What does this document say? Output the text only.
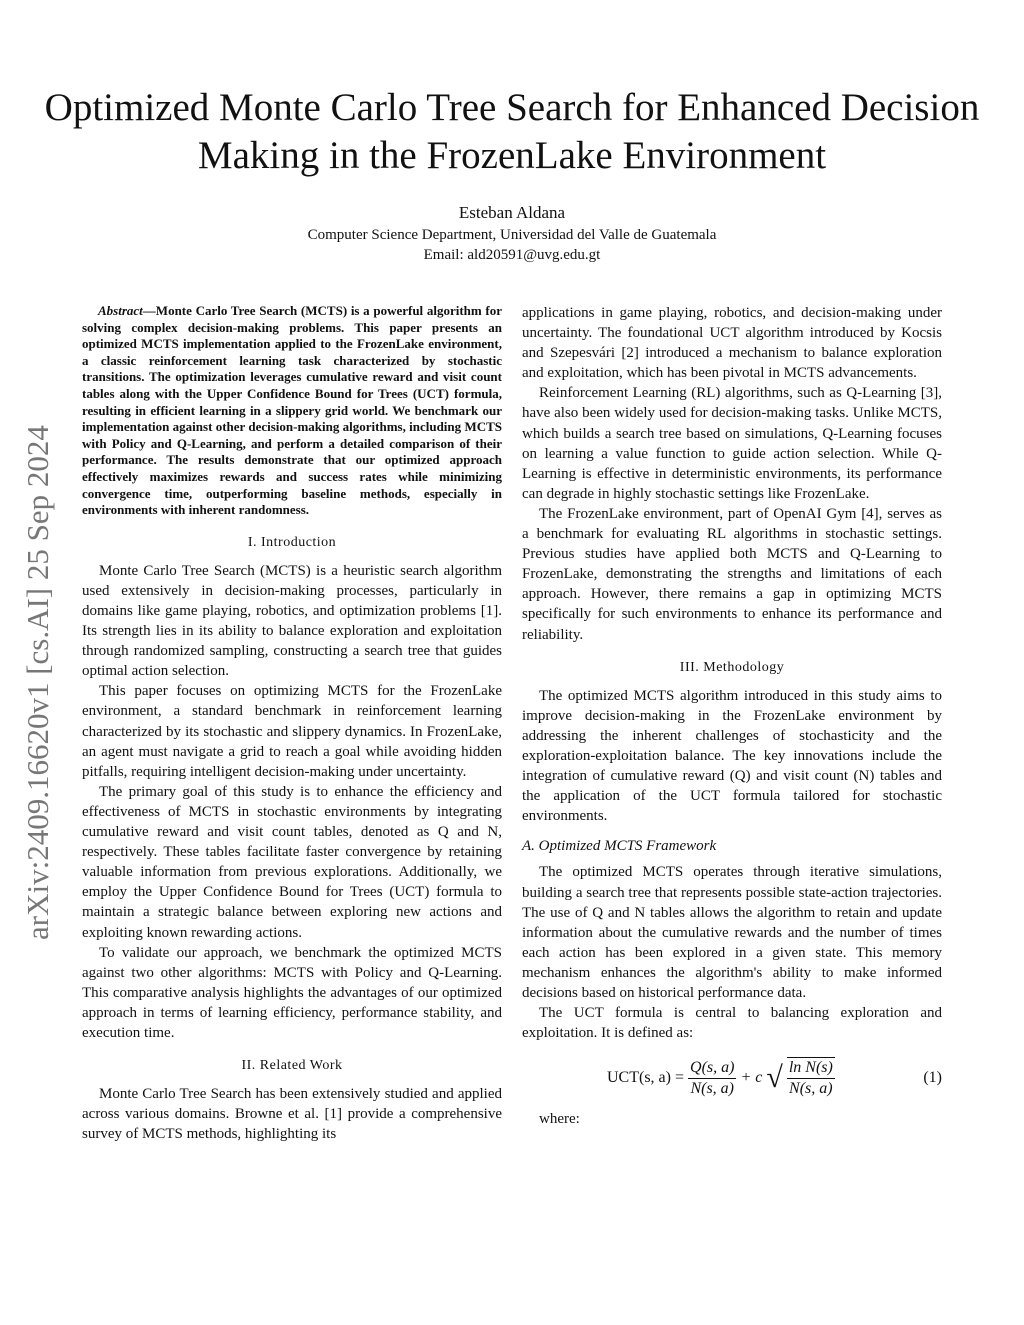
Optimized Monte Carlo Tree Search for Enhanced Decision Making in the FrozenLake Environment
Esteban Aldana
Computer Science Department, Universidad del Valle de Guatemala
Email: ald20591@uvg.edu.gt
arXiv:2409.16620v1 [cs.AI] 25 Sep 2024
Abstract—Monte Carlo Tree Search (MCTS) is a powerful algorithm for solving complex decision-making problems. This paper presents an optimized MCTS implementation applied to the FrozenLake environment, a classic reinforcement learning task characterized by stochastic transitions. The optimization leverages cumulative reward and visit count tables along with the Upper Confidence Bound for Trees (UCT) formula, resulting in efficient learning in a slippery grid world. We benchmark our implementation against other decision-making algorithms, including MCTS with Policy and Q-Learning, and perform a detailed comparison of their performance. The results demonstrate that our optimized approach effectively maximizes rewards and success rates while minimizing convergence time, outperforming baseline methods, especially in environments with inherent randomness.
I. Introduction

Monte Carlo Tree Search (MCTS) is a heuristic search algorithm used extensively in decision-making processes, particularly in domains like game playing, robotics, and optimization problems [1]. Its strength lies in its ability to balance exploration and exploitation through randomized sampling, constructing a search tree that guides optimal action selection.

This paper focuses on optimizing MCTS for the FrozenLake environment, a standard benchmark in reinforcement learning characterized by its stochastic and slippery dynamics. In FrozenLake, an agent must navigate a grid to reach a goal while avoiding hidden pitfalls, requiring intelligent decision-making under uncertainty.

The primary goal of this study is to enhance the efficiency and effectiveness of MCTS in stochastic environments by integrating cumulative reward and visit count tables, denoted as Q and N, respectively. These tables facilitate faster convergence by retaining valuable information from previous explorations. Additionally, we employ the Upper Confidence Bound for Trees (UCT) formula to maintain a strategic balance between exploring new actions and exploiting known rewarding actions.

To validate our approach, we benchmark the optimized MCTS against two other algorithms: MCTS with Policy and Q-Learning. This comparative analysis highlights the advantages of our optimized approach in terms of learning efficiency, performance stability, and execution time.

II. Related Work

Monte Carlo Tree Search has been extensively studied and applied across various domains. Browne et al. [1] provide a comprehensive survey of MCTS methods, highlighting its

applications in game playing, robotics, and decision-making under uncertainty. The foundational UCT algorithm introduced by Kocsis and Szepesvári [2] introduced a mechanism to balance exploration and exploitation, which has been pivotal in MCTS advancements.

Reinforcement Learning (RL) algorithms, such as Q-Learning [3], have also been widely used for decision-making tasks. Unlike MCTS, which builds a search tree based on simulations, Q-Learning focuses on learning a value function to guide action selection. While Q-Learning is effective in deterministic environments, its performance can degrade in highly stochastic settings like FrozenLake.

The FrozenLake environment, part of OpenAI Gym [4], serves as a benchmark for evaluating RL algorithms in stochastic settings. Previous studies have applied both MCTS and Q-Learning to FrozenLake, demonstrating the strengths and limitations of each approach. However, there remains a gap in optimizing MCTS specifically for such environments to enhance its performance and reliability.

III. Methodology

The optimized MCTS algorithm introduced in this study aims to improve decision-making in the FrozenLake environment by addressing the inherent challenges of stochasticity and the exploration-exploitation balance. The key innovations include the integration of cumulative reward (Q) and visit count (N) tables and the application of the UCT formula tailored for stochastic environments.

A. Optimized MCTS Framework

The optimized MCTS operates through iterative simulations, building a search tree that represents possible state-action trajectories. The use of Q and N tables allows the algorithm to retain and update information about the cumulative rewards and the number of times each action has been explored in a given state. This memory mechanism enhances the algorithm's ability to make informed decisions based on historical performance data.

The UCT formula is central to balancing exploration and exploitation. It is defined as:

UCT(s, $a) = \frac{Q(s, a)}{N(s, a)} + c$ √ $\frac{\text{ln N(s)}}{N(s, a)}$	(1)

where:
